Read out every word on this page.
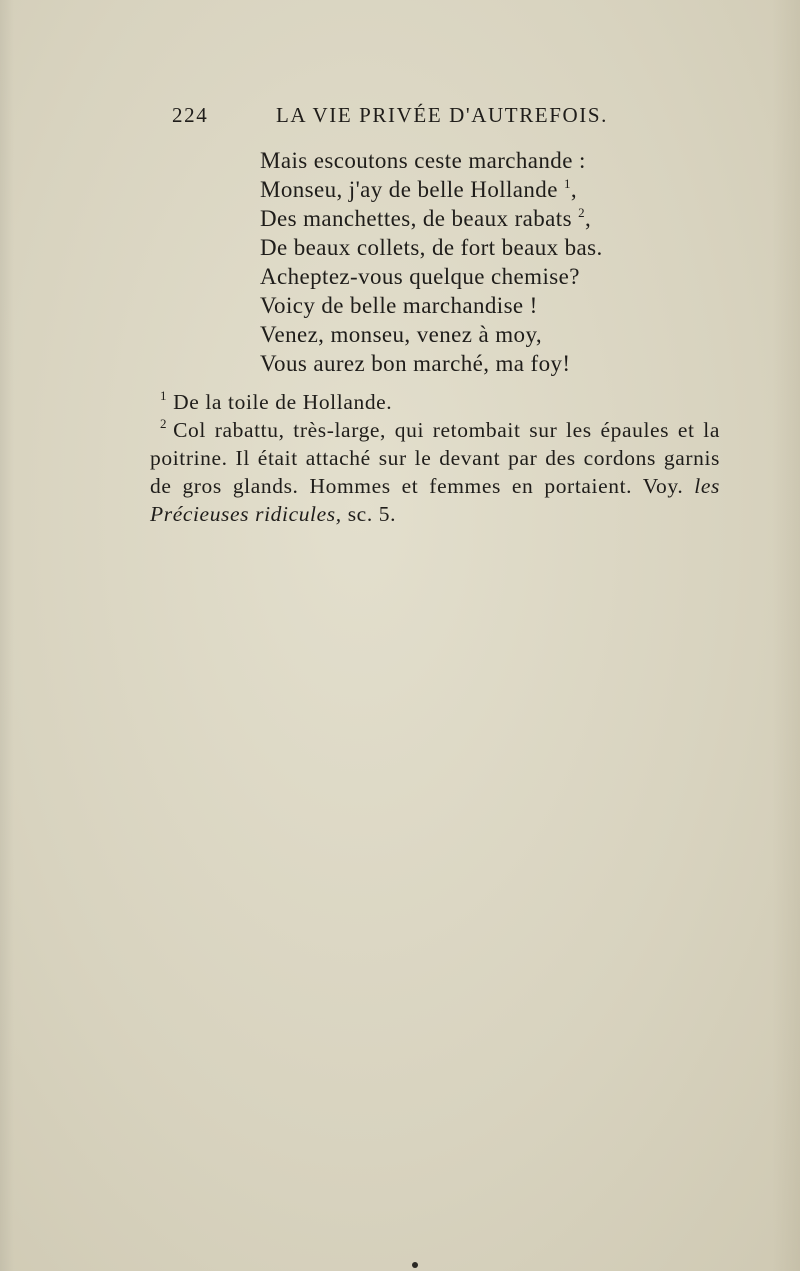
224	LA VIE PRIVÉE D'AUTREFOIS.
Mais escoutons ceste marchande :
Monseu, j'ay de belle Hollande $^1$,
Des manchettes, de beaux rabats $^2$,
De beaux collets, de fort beaux bas.
Acheptez-vous quelque chemise?
Voicy de belle marchandise !
Venez, monseu, venez à moy,
Vous aurez bon marché, ma foy!
$^1$ De la toile de Hollande.
$^2$ Col rabattu, très-large, qui retombait sur les épaules et la poitrine. Il était attaché sur le devant par des cordons garnis de gros glands. Hommes et femmes en portaient. Voy. les Précieuses ridicules, sc. 5.
